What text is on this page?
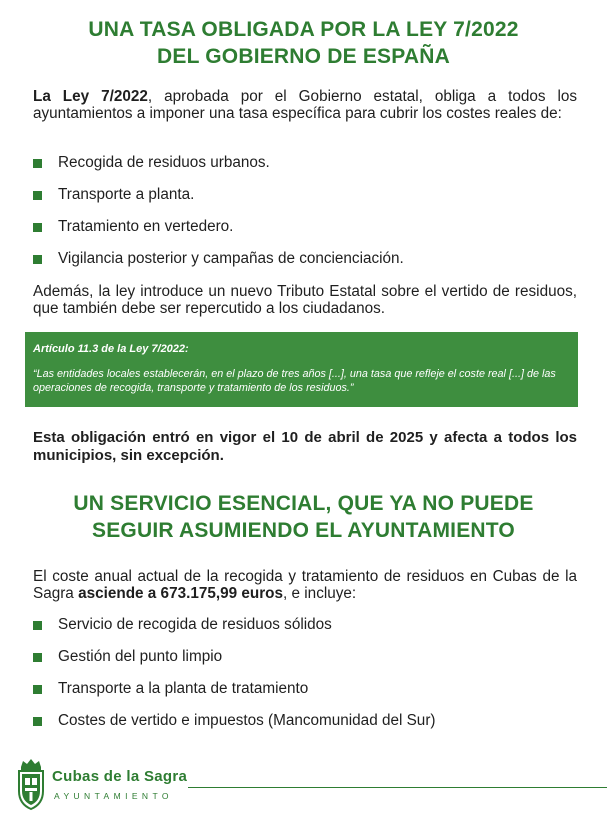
UNA TASA OBLIGADA POR LA LEY 7/2022
DEL GOBIERNO DE ESPAÑA

La Ley 7/2022, aprobada por el Gobierno estatal, obliga a todos los ayuntamientos a imponer una tasa específica para cubrir los costes reales de:

Recogida de residuos urbanos.
Transporte a planta.
Tratamiento en vertedero.
Vigilancia posterior y campañas de concienciación.

Además, la ley introduce un nuevo Tributo Estatal sobre el vertido de residuos, que también debe ser repercutido a los ciudadanos.

Artículo 11.3 de la Ley 7/2022:

“Las entidades locales establecerán, en el plazo de tres años [...], una tasa que refleje el coste real [...] de las operaciones de recogida, transporte y tratamiento de los residuos.”

Esta obligación entró en vigor el 10 de abril de 2025 y afecta a todos los municipios, sin excepción.

UN SERVICIO ESENCIAL, QUE YA NO PUEDE
SEGUIR ASUMIENDO EL AYUNTAMIENTO

El coste anual actual de la recogida y tratamiento de residuos en Cubas de la Sagra asciende a 673.175,99 euros, e incluye:

Servicio de recogida de residuos sólidos
Gestión del punto limpio
Transporte a la planta de tratamiento
Costes de vertido e impuestos (Mancomunidad del Sur)
Cubas de la Sagra
AYUNTAMIENTO
